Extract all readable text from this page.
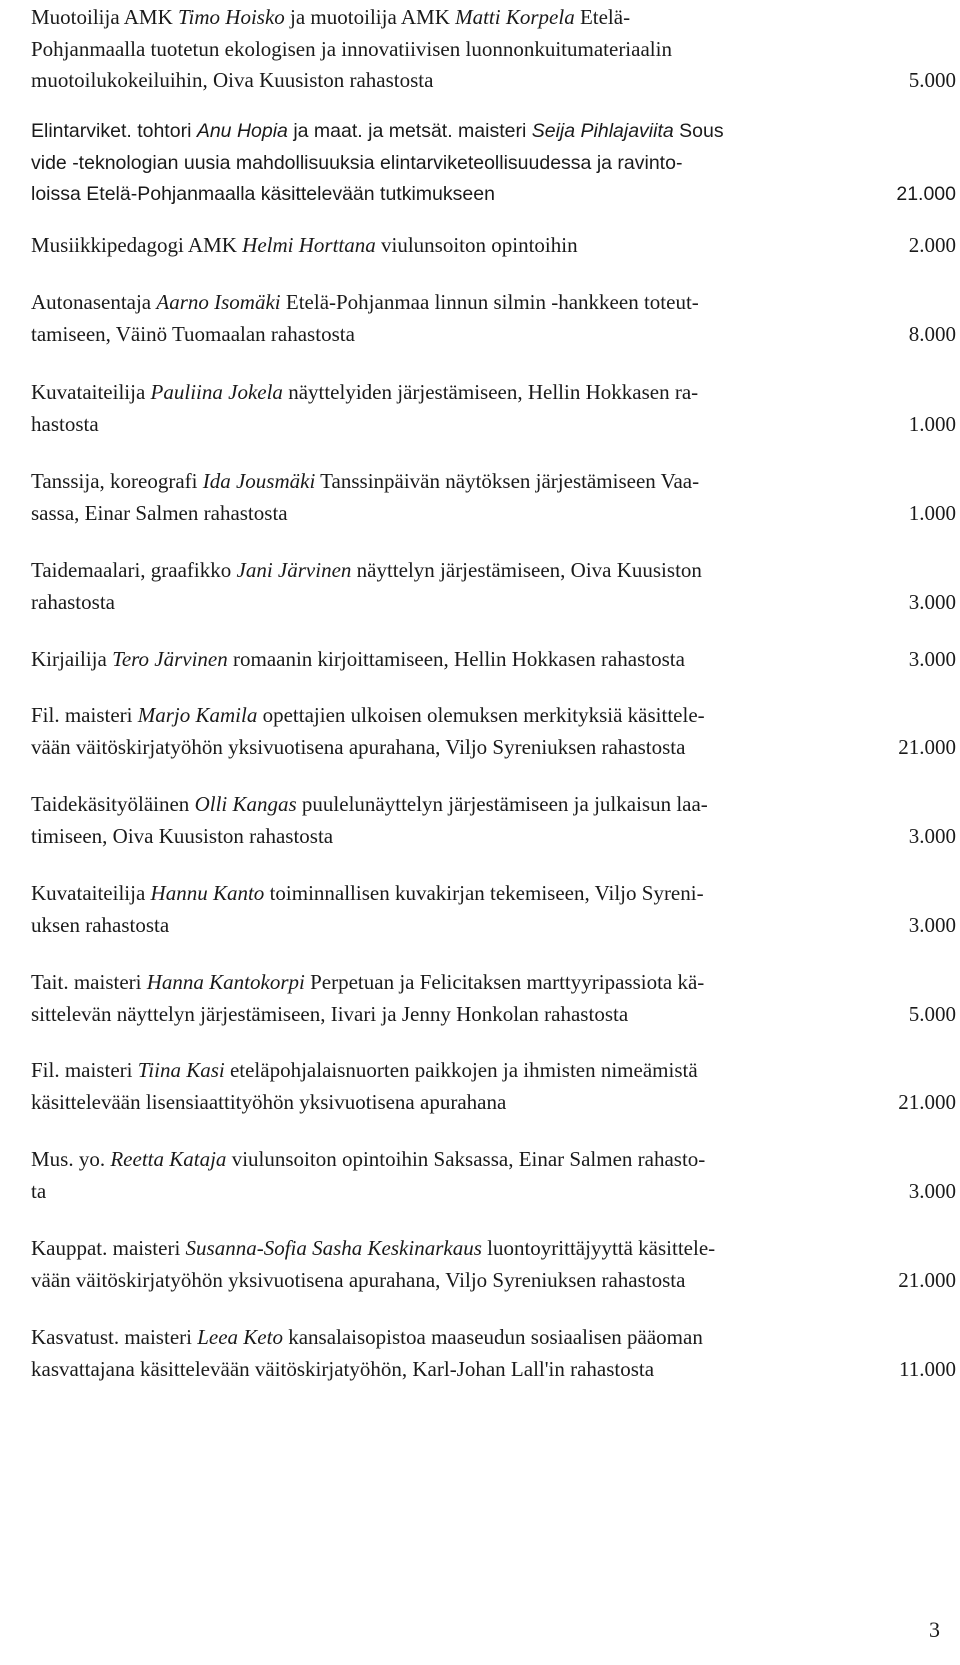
Muotoilija AMK Timo Hoisko ja muotoilija AMK Matti Korpela Etelä-
Pohjanmaalla tuotetun ekologisen ja innovatiivisen luonnonkuitumateriaalin
muotoilukokeiluihin, Oiva Kuusiston rahastosta	5.000
Elintarviket. tohtori Anu Hopia ja maat. ja metsät. maisteri Seija Pihlajaviita Sous
vide -teknologian uusia mahdollisuuksia elintarviketeollisuudessa ja ravinto-
loissa Etelä-Pohjanmaalla käsittelevään tutkimukseen	21.000
Musiikkipedagogi AMK Helmi Horttana viulunsoiton opintoihin	2.000
Autonasentaja Aarno Isomäki Etelä-Pohjanmaa linnun silmin -hankkeen toteut-
tamiseen, Väinö Tuomaalan rahastosta	8.000
Kuvataiteilija Pauliina Jokela näyttelyiden järjestämiseen, Hellin Hokkasen ra-
hastosta	1.000
Tanssija, koreografi Ida Jousmäki Tanssinpäivän näytöksen järjestämiseen Vaa-
sassa, Einar Salmen rahastosta	1.000
Taidemaalari, graafikko Jani Järvinen näyttelyn järjestämiseen, Oiva Kuusiston
rahastosta	3.000
Kirjailija Tero Järvinen romaanin kirjoittamiseen, Hellin Hokkasen rahastosta	3.000
Fil. maisteri Marjo Kamila opettajien ulkoisen olemuksen merkityksiä käsittele-
vään väitöskirjatyöhön yksivuotisena apurahana, Viljo Syreniuksen rahastosta	21.000
Taidekäsityöläinen Olli Kangas puulelunäyttelyn järjestämiseen ja julkaisun laa-
timiseen, Oiva Kuusiston rahastosta	3.000
Kuvataiteilija Hannu Kanto toiminnallisen kuvakirjan tekemiseen, Viljo Syreni-
uksen rahastosta	3.000
Tait. maisteri Hanna Kantokorpi Perpetuan ja Felicitaksen marttyyripassiota kä-
sittelevän näyttelyn järjestämiseen, Iivari ja Jenny Honkolan rahastosta	5.000
Fil. maisteri Tiina Kasi eteläpohjalaisnuorten paikkojen ja ihmisten nimeämistä
käsittelevään lisensiaattityöhön yksivuotisena apurahana	21.000
Mus. yo. Reetta Kataja viulunsoiton opintoihin Saksassa, Einar Salmen rahasto-
ta	3.000
Kauppat. maisteri Susanna-Sofia Sasha Keskinarkaus luontoyrittäjyyttä käsittele-
vään väitöskirjatyöhön yksivuotisena apurahana, Viljo Syreniuksen rahastosta	21.000
Kasvatust. maisteri Leea Keto kansalaisopistoa maaseudun sosiaalisen pääoman
kasvattajana käsittelevään väitöskirjatyöhön, Karl-Johan Lall'in rahastosta	11.000
3
